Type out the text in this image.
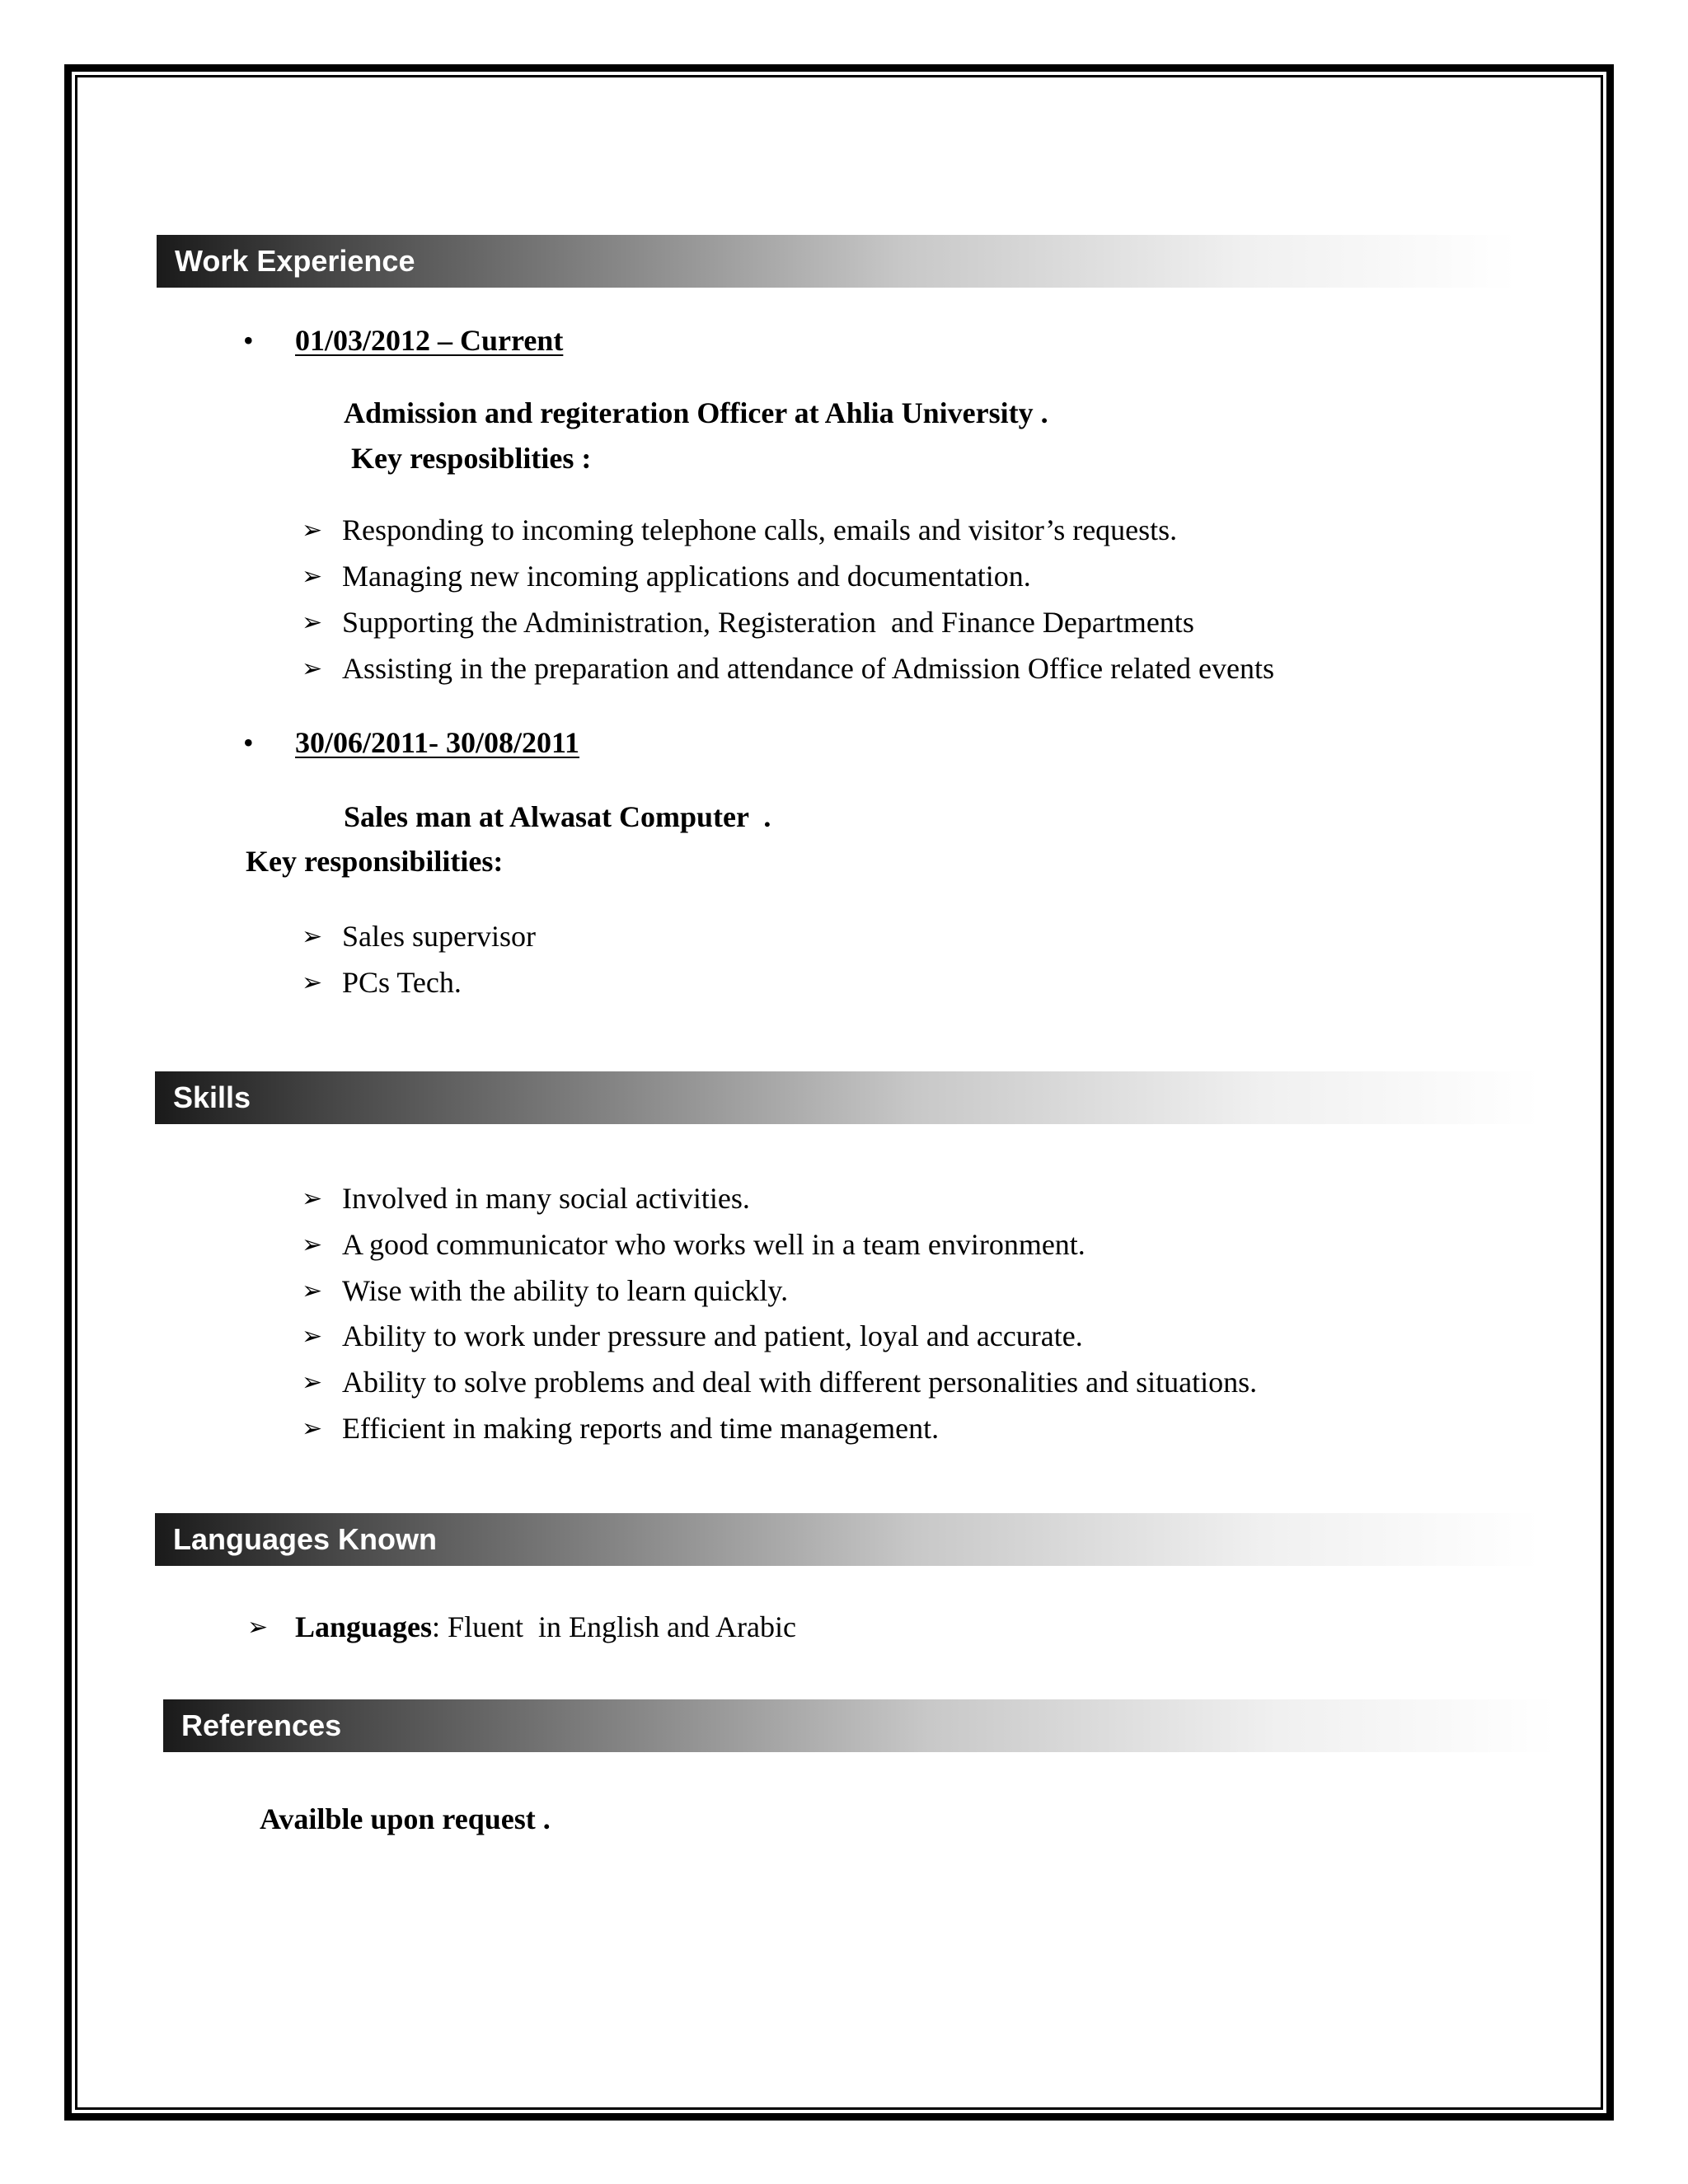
Work Experience
• 01/03/2012 – Current
Admission and regiteration Officer at Ahlia University .
Key resposiblities :
➢ Responding to incoming telephone calls, emails and visitor’s requests.
➢ Managing new incoming applications and documentation.
➢ Supporting the Administration, Registeration  and Finance Departments
➢ Assisting in the preparation and attendance of Admission Office related events
• 30/06/2011- 30/08/2011
Sales man at Alwasat Computer  .
Key responsibilities:
➢ Sales supervisor
➢ PCs Tech.
Skills
➢ Involved in many social activities.
➢ A good communicator who works well in a team environment.
➢ Wise with the ability to learn quickly.
➢ Ability to work under pressure and patient, loyal and accurate.
➢ Ability to solve problems and deal with different personalities and situations.
➢ Efficient in making reports and time management.
Languages Known
➢ Languages: Fluent  in English and Arabic
References
Availble upon request .
